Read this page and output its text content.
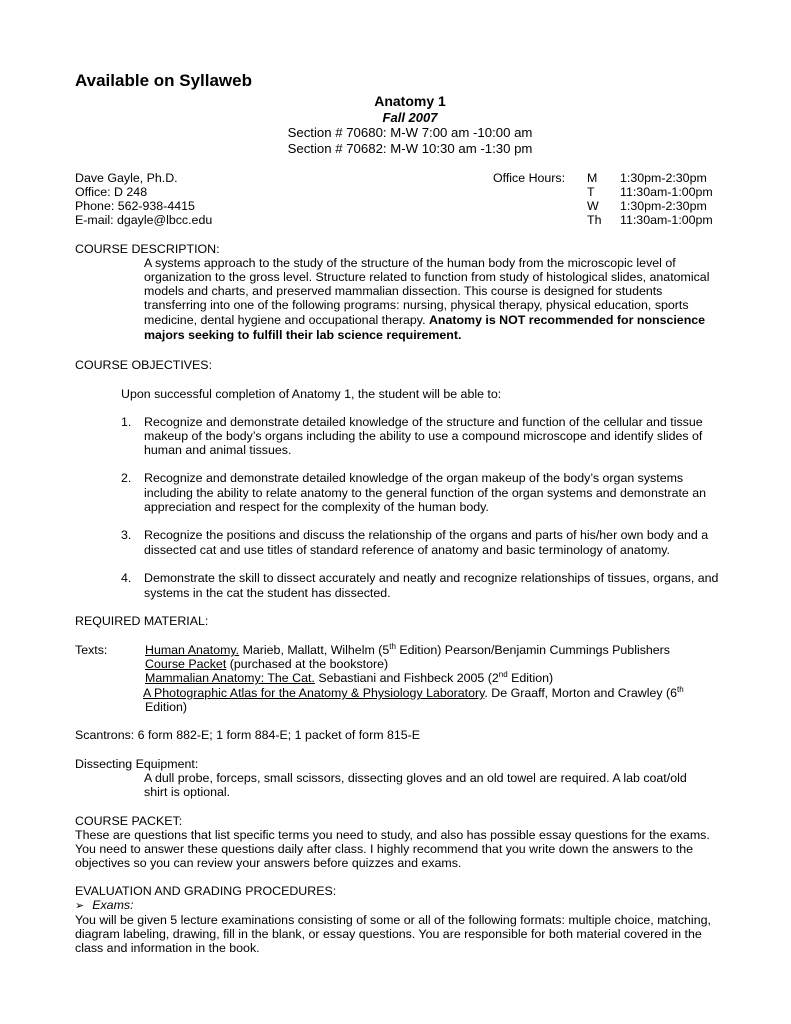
Available on Syllaweb
Anatomy 1
Fall 2007
Section # 70680: M-W 7:00 am -10:00 am
Section # 70682: M-W 10:30 am -1:30 pm
Dave Gayle, Ph.D.
Office: D 248
Phone: 562-938-4415
E-mail: dgayle@lbcc.edu
Office Hours: M 1:30pm-2:30pm
T 11:30am-1:00pm
W 1:30pm-2:30pm
Th 11:30am-1:00pm
COURSE DESCRIPTION:
A systems approach to the study of the structure of the human body from the microscopic level of
organization to the gross level. Structure related to function from study of histological slides, anatomical
models and charts, and preserved mammalian dissection. This course is designed for students
transferring into one of the following programs: nursing, physical therapy, physical education, sports
medicine, dental hygiene and occupational therapy. Anatomy is NOT recommended for nonscience
majors seeking to fulfill their lab science requirement.
COURSE OBJECTIVES:
Upon successful completion of Anatomy 1, the student will be able to:
1. Recognize and demonstrate detailed knowledge of the structure and function of the cellular and tissue
makeup of the body’s organs including the ability to use a compound microscope and identify slides of
human and animal tissues.
2. Recognize and demonstrate detailed knowledge of the organ makeup of the body’s organ systems
including the ability to relate anatomy to the general function of the organ systems and demonstrate an
appreciation and respect for the complexity of the human body.
3. Recognize the positions and discuss the relationship of the organs and parts of his/her own body and a
dissected cat and use titles of standard reference of anatomy and basic terminology of anatomy.
4. Demonstrate the skill to dissect accurately and neatly and recognize relationships of tissues, organs, and
systems in the cat the student has dissected.
REQUIRED MATERIAL:
Texts:	Human Anatomy. Marieb, Mallatt, Wilhelm (5th Edition) Pearson/Benjamin Cummings Publishers
Course Packet (purchased at the bookstore)
Mammalian Anatomy: The Cat. Sebastiani and Fishbeck 2005 (2nd Edition)
A Photographic Atlas for the Anatomy & Physiology Laboratory. De Graaff, Morton and Crawley (6th
Edition)
Scantrons: 6 form 882-E; 1 form 884-E; 1 packet of form 815-E
Dissecting Equipment:
A dull probe, forceps, small scissors, dissecting gloves and an old towel are required. A lab coat/old
shirt is optional.
COURSE PACKET:
These are questions that list specific terms you need to study, and also has possible essay questions for the exams.
You need to answer these questions daily after class. I highly recommend that you write down the answers to the
objectives so you can review your answers before quizzes and exams.
EVALUATION AND GRADING PROCEDURES:
➢ Exams:
You will be given 5 lecture examinations consisting of some or all of the following formats: multiple choice, matching,
diagram labeling, drawing, fill in the blank, or essay questions. You are responsible for both material covered in the
class and information in the book.
